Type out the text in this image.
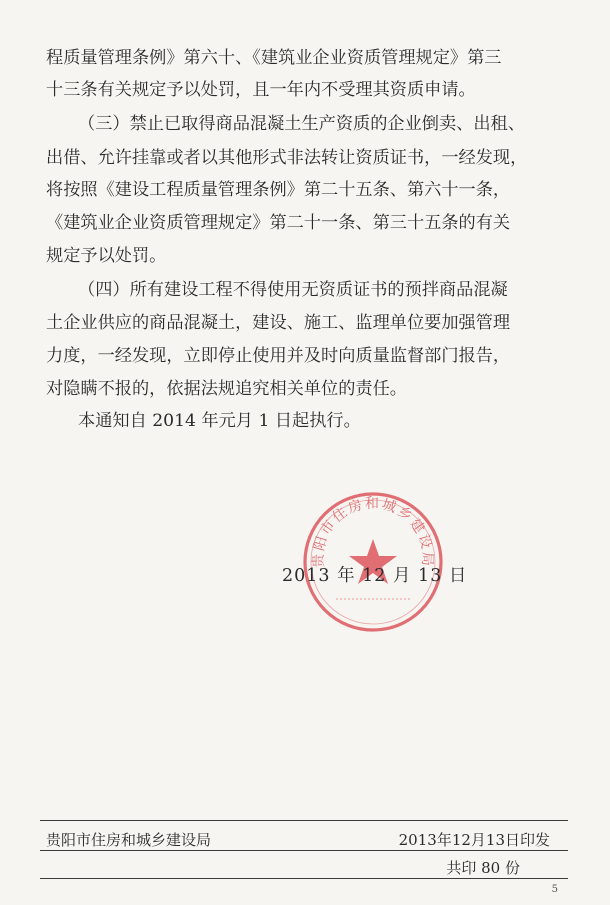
程质量管理条例》第六十、《建筑业企业资质管理规定》第三
十三条有关规定予以处罚，且一年内不受理其资质申请。
（三）禁止已取得商品混凝土生产资质的企业倒卖、出租、
出借、允许挂靠或者以其他形式非法转让资质证书，一经发现，
将按照《建设工程质量管理条例》第二十五条、第六十一条，
《建筑业企业资质管理规定》第二十一条、第三十五条的有关
规定予以处罚。
（四）所有建设工程不得使用无资质证书的预拌商品混凝
土企业供应的商品混凝土，建设、施工、监理单位要加强管理
力度，一经发现，立即停止使用并及时向质量监督部门报告，
对隐瞒不报的，依据法规追究相关单位的责任。
本通知自 2014 年元月 1 日起执行。
贵阳市住房和城乡建设局
2013 年 12 月 13 日
贵阳市住房和城乡建设局	2013年12月13日印发
共印 80 份
5
